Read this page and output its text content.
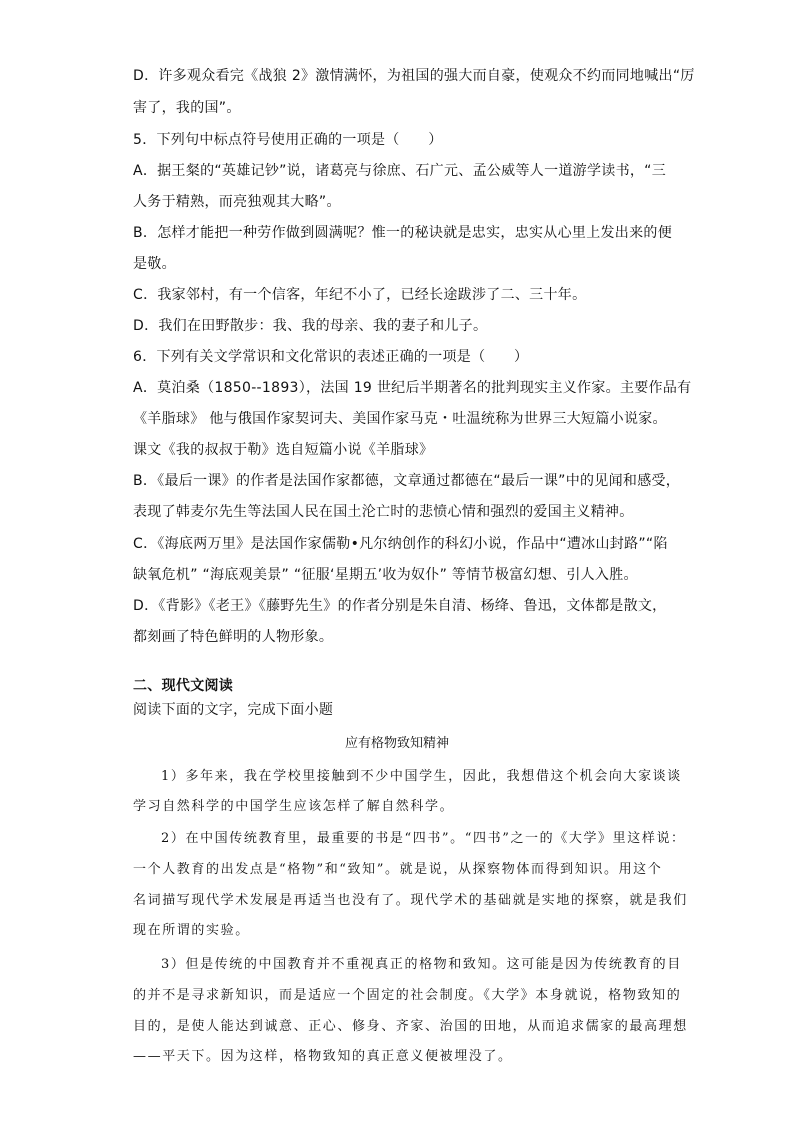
D．许多观众看完《战狼 2》激情满怀，为祖国的强大而自豪，使观众不约而同地喊出“厉
害了，我的国”。
5．下列句中标点符号使用正确的一项是（　　）
A．据王粲的“英雄记钞”说，诸葛亮与徐庶、石广元、孟公威等人一道游学读书，“三
人务于精熟，而亮独观其大略”。
B．怎样才能把一种劳作做到圆满呢？惟一的秘诀就是忠实，忠实从心里上发出来的便
是敬。
C．我家邻村，有一个信客，年纪不小了，已经长途跋涉了二、三十年。
D．我们在田野散步：我、我的母亲、我的妻子和儿子。
6．下列有关文学常识和文化常识的表述正确的一项是（　　）
A．莫泊桑（1850--1893），法国 19 世纪后半期著名的批判现实主义作家。主要作品有
《羊脂球》 他与俄国作家契诃夫、美国作家马克・吐温统称为世界三大短篇小说家。
课文《我的叔叔于勒》选自短篇小说《羊脂球》
B．《最后一课》的作者是法国作家都德，文章通过都德在“最后一课”中的见闻和感受，
表现了韩麦尔先生等法国人民在国土沦亡时的悲愤心情和强烈的爱国主义精神。
C．《海底两万里》是法国作家儒勒•凡尔纳创作的科幻小说，作品中“遭冰山封路”“陷
缺氧危机” “海底观美景” “征服‘星期五’收为奴仆” 等情节极富幻想、引人入胜。
D．《背影》《老王》《藤野先生》的作者分别是朱自清、杨绛、鲁迅，文体都是散文，
都刻画了特色鲜明的人物形象。
二、现代文阅读
阅读下面的文字，完成下面小题
应有格物致知精神
1）多年来，我在学校里接触到不少中国学生，因此，我想借这个机会向大家谈谈
学习自然科学的中国学生应该怎样了解自然科学。
2）在中国传统教育里，最重要的书是“四书”。“四书”之一的《大学》里这样说：
一个人教育的出发点是“格物”和“致知”。就是说，从探察物体而得到知识。用这个
名词描写现代学术发展是再适当也没有了。现代学术的基础就是实地的探察，就是我们
现在所谓的实验。
3）但是传统的中国教育并不重视真正的格物和致知。这可能是因为传统教育的目
的并不是寻求新知识，而是适应一个固定的社会制度。《大学》本身就说，格物致知的
目的，是使人能达到诚意、正心、修身、齐家、治国的田地，从而追求儒家的最高理想
——平天下。因为这样，格物致知的真正意义便被埋没了。
